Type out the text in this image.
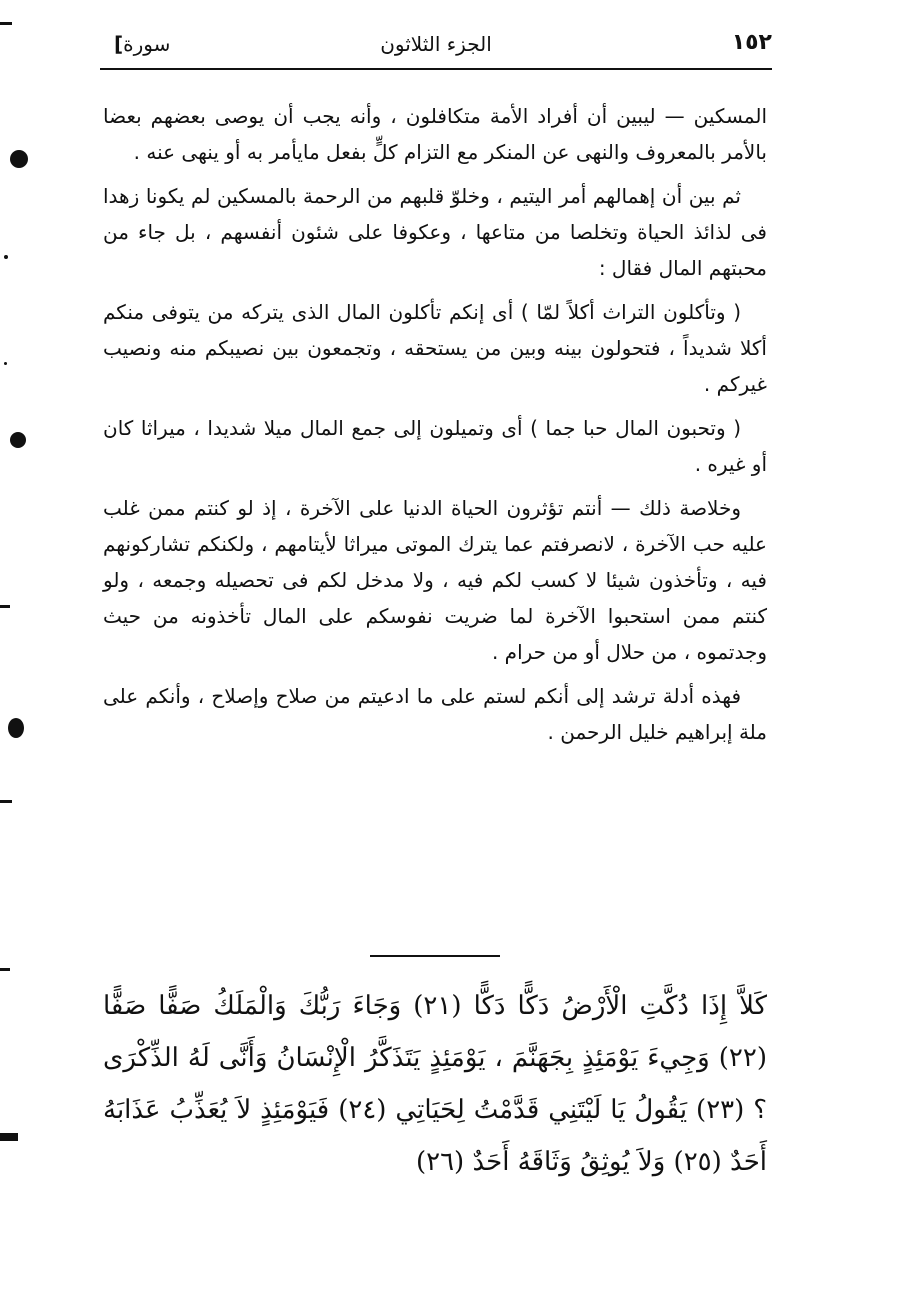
١٥٢
الجزء الثلاثون
سورة]

المسكين — ليبين أن أفراد الأمة متكافلون ، وأنه يجب أن يوصى بعضهم بعضا بالأمر بالمعروف والنهى عن المنكر مع التزام كلٍّ بفعل مايأمر به أو ينهى عنه .

ثم بين أن إهمالهم أمر اليتيم ، وخلوّ قلبهم من الرحمة بالمسكين لم يكونا زهدا فى لذائذ الحياة وتخلصا من متاعها ، وعكوفا على شئون أنفسهم ، بل جاء من محبتهم المال فقال :

( وتأكلون التراث أكلاً لمّا ) أى إنكم تأكلون المال الذى يتركه من يتوفى منكم أكلا شديداً ، فتحولون بينه وبين من يستحقه ، وتجمعون بين نصيبكم منه ونصيب غيركم .

( وتحبون المال حبا جما ) أى وتميلون إلى جمع المال ميلا شديدا ، ميراثا كان أو غيره .

وخلاصة ذلك — أنتم تؤثرون الحياة الدنيا على الآخرة ، إذ لو كنتم ممن غلب عليه حب الآخرة ، لانصرفتم عما يترك الموتى ميراثا لأيتامهم ، ولكنكم تشاركونهم فيه ، وتأخذون شيئا لا كسب لكم فيه ، ولا مدخل لكم فى تحصيله وجمعه ، ولو كنتم ممن استحبوا الآخرة لما ضريت نفوسكم على المال تأخذونه من حيث وجدتموه ، من حلال أو من حرام .

فهذه أدلة ترشد إلى أنكم لستم على ما ادعيتم من صلاح وإصلاح ، وأنكم على ملة إبراهيم خليل الرحمن .

كَلاَّ إِذَا دُكَّتِ الْأَرْضُ دَكًّا دَكًّا (٢١) وَجَاءَ رَبُّكَ وَالْمَلَكُ صَفًّا صَفًّا (٢٢) وَجِيءَ يَوْمَئِذٍ بِجَهَنَّمَ ، يَوْمَئِذٍ يَتَذَكَّرُ الْإِنْسَانُ وَأَنَّى لَهُ الذِّكْرَى ؟ (٢٣) يَقُولُ يَا لَيْتَنِي قَدَّمْتُ لِحَيَاتِي (٢٤) فَيَوْمَئِذٍ لاَ يُعَذِّبُ عَذَابَهُ أَحَدٌ (٢٥) وَلاَ يُوثِقُ وَثَاقَهُ أَحَدٌ (٢٦)
